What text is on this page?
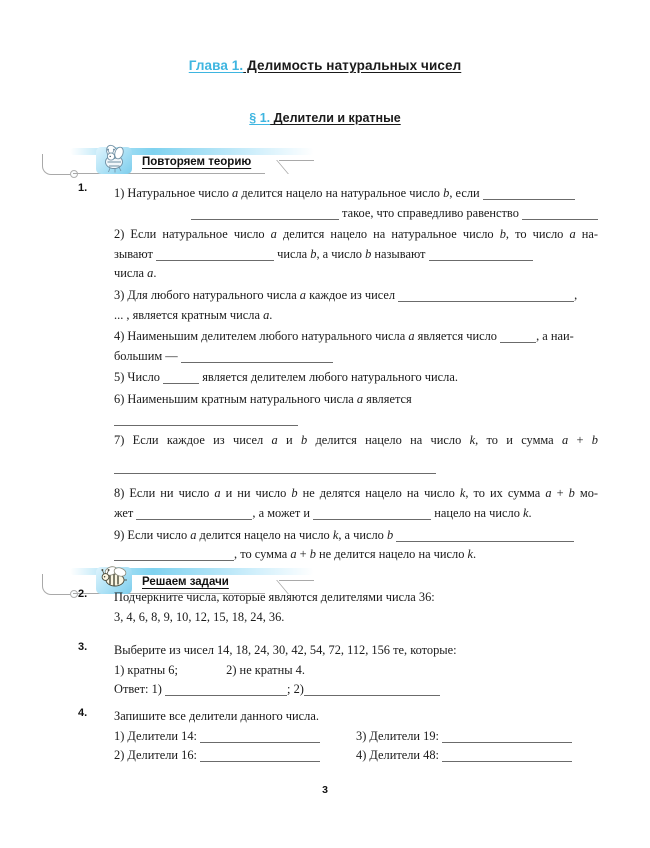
Глава 1. Делимость натуральных чисел
§ 1. Делители и кратные
Повторяем теорию
1.	1) Натуральное число a делится нацело на натуральное число b, если
такое, что справедливо равенство
2) Если натуральное число a делится нацело на натуральное число b, то число a на-
зывают	числа b, а число b называют
числа a.
3) Для любого натурального числа a каждое из чисел	,
... , является кратным числа a.
4) Наименьшим делителем любого натурального числа a является число	, а наи-
большим —
5) Число	является делителем любого натурального числа.
6) Наименьшим кратным натурального числа a является
7) Если каждое из чисел a и b делится нацело на число k, то и сумма a + b
8) Если ни число a и ни число b не делятся нацело на число k, то их сумма a + b мо-
жет	, а может и	нацело на число k.
9) Если число a делится нацело на число k, а число b
, то сумма a + b не делится нацело на число k.
Решаем задачи
2.	Подчеркните числа, которые являются делителями числа 36:
3, 4, 6, 8, 9, 10, 12, 15, 18, 24, 36.
3.	Выберите из чисел 14, 18, 24, 30, 42, 54, 72, 112, 156 те, которые:
1) кратны 6;	2) не кратны 4.
Ответ: 1)	; 2)
4.	Запишите все делители данного числа.
1) Делители 14:	3) Делители 19:
2) Делители 16:	4) Делители 48:
3
